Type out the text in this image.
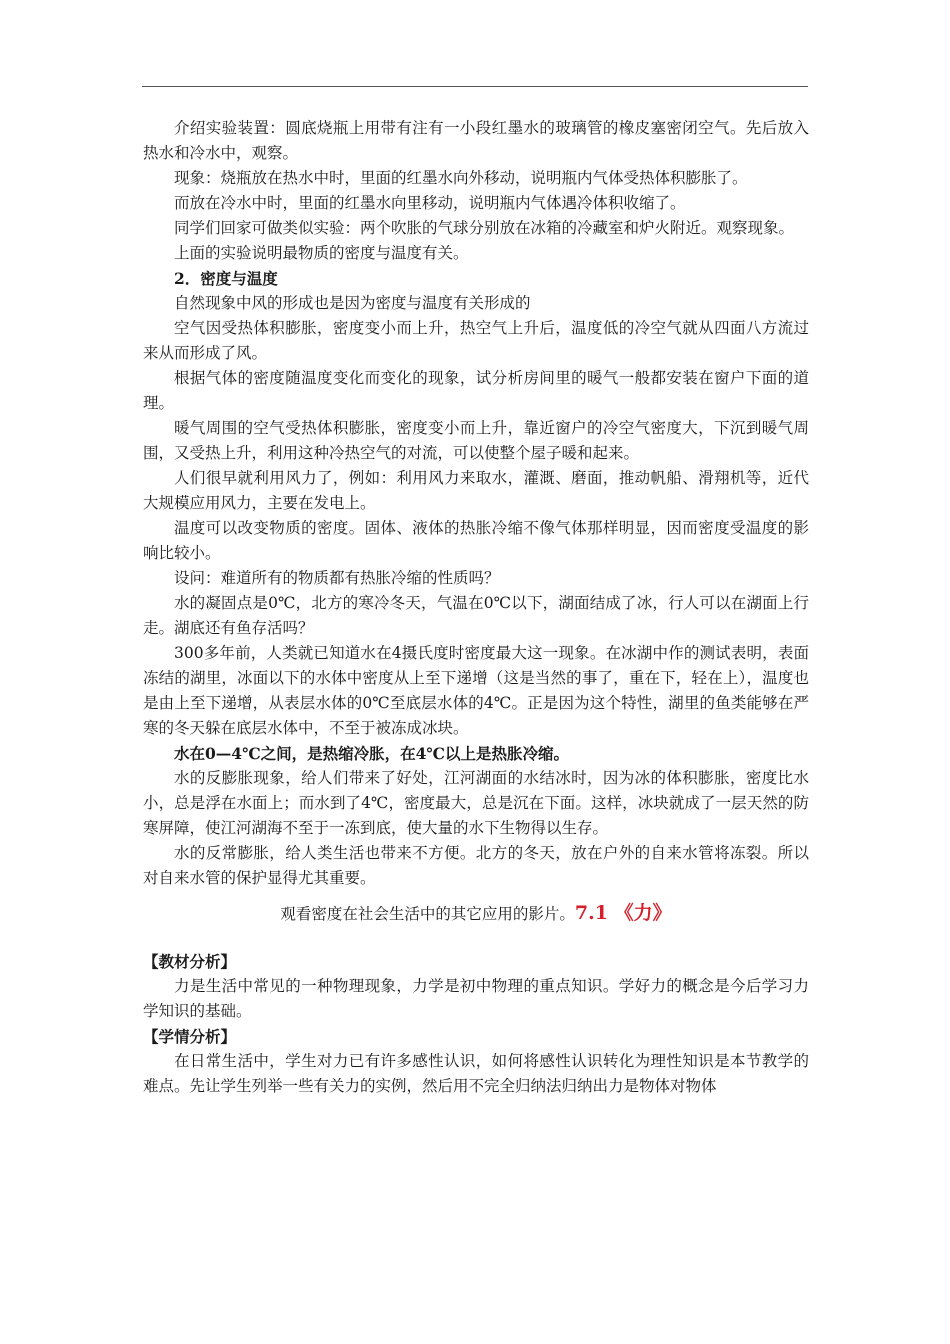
介绍实验装置：圆底烧瓶上用带有注有一小段红墨水的玻璃管的橡皮塞密闭空气。先后放入热水和冷水中，观察。

现象：烧瓶放在热水中时，里面的红墨水向外移动，说明瓶内气体受热体积膨胀了。

而放在冷水中时，里面的红墨水向里移动，说明瓶内气体遇冷体积收缩了。

同学们回家可做类似实验：两个吹胀的气球分别放在冰箱的冷藏室和炉火附近。观察现象。

上面的实验说明最物质的密度与温度有关。

2．密度与温度

自然现象中风的形成也是因为密度与温度有关形成的

空气因受热体积膨胀，密度变小而上升，热空气上升后，温度低的冷空气就从四面八方流过来从而形成了风。

根据气体的密度随温度变化而变化的现象，试分析房间里的暖气一般都安装在窗户下面的道理。

暖气周围的空气受热体积膨胀，密度变小而上升，靠近窗户的冷空气密度大，下沉到暖气周围，又受热上升，利用这种冷热空气的对流，可以使整个屋子暖和起来。

人们很早就利用风力了，例如：利用风力来取水，灌溉、磨面，推动帆船、滑翔机等，近代大规模应用风力，主要在发电上。

温度可以改变物质的密度。固体、液体的热胀冷缩不像气体那样明显，因而密度受温度的影响比较小。

设问：难道所有的物质都有热胀冷缩的性质吗？

水的凝固点是0℃，北方的寒冷冬天，气温在0℃以下，湖面结成了冰，行人可以在湖面上行走。湖底还有鱼存活吗？

300多年前，人类就已知道水在4摄氏度时密度最大这一现象。在冰湖中作的测试表明，表面冻结的湖里，冰面以下的水体中密度从上至下递增（这是当然的事了，重在下，轻在上），温度也是由上至下递增，从表层水体的0℃至底层水体的4℃。正是因为这个特性，湖里的鱼类能够在严寒的冬天躲在底层水体中，不至于被冻成冰块。

水在0—4℃之间，是热缩冷胀，在4℃以上是热胀冷缩。

水的反膨胀现象，给人们带来了好处，江河湖面的水结冰时，因为冰的体积膨胀，密度比水小，总是浮在水面上；而水到了4℃，密度最大，总是沉在下面。这样，冰块就成了一层天然的防寒屏障，使江河湖海不至于一冻到底，使大量的水下生物得以生存。

水的反常膨胀，给人类生活也带来不方便。北方的冬天，放在户外的自来水管将冻裂。所以对自来水管的保护显得尤其重要。

观看密度在社会生活中的其它应用的影片。7.1 《力》

【教材分析】

力是生活中常见的一种物理现象，力学是初中物理的重点知识。学好力的概念是今后学习力学知识的基础。

【学情分析】

在日常生活中，学生对力已有许多感性认识，如何将感性认识转化为理性知识是本节教学的难点。先让学生列举一些有关力的实例，然后用不完全归纳法归纳出力是物体对物体
